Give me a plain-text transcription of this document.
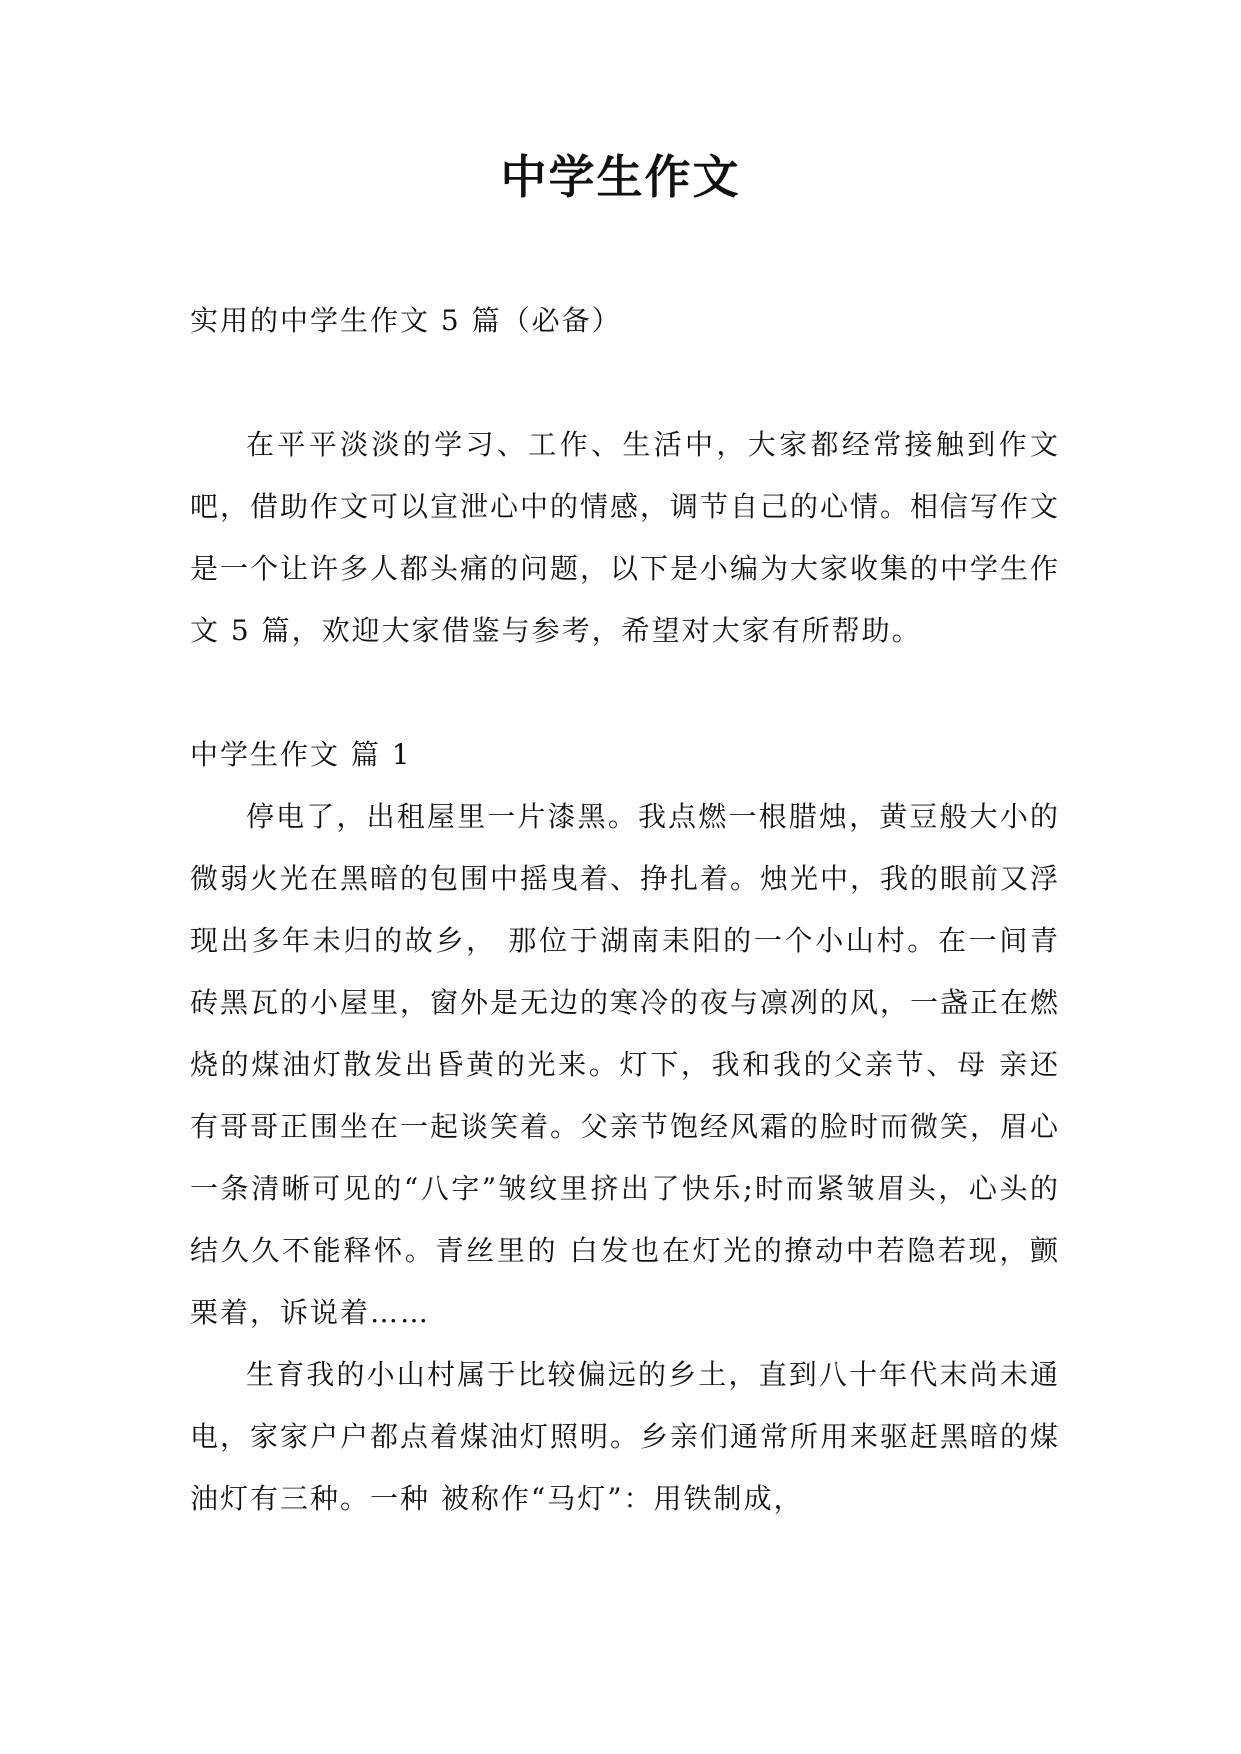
中学生作文

实用的中学生作文 5 篇（必备）

在平平淡淡的学习、工作、生活中，大家都经常接触到作文吧，借助作文可以宣泄心中的情感，调节自己的心情。相信写作文是一个让许多人都头痛的问题，以下是小编为大家收集的中学生作文 5 篇，欢迎大家借鉴与参考，希望对大家有所帮助。

中学生作文 篇 1

停电了，出租屋里一片漆黑。我点燃一根腊烛，黄豆般大小的微弱火光在黑暗的包围中摇曳着、挣扎着。烛光中，我的眼前又浮现出多年未归的故乡， 那位于湖南耒阳的一个小山村。在一间青砖黑瓦的小屋里，窗外是无边的寒冷的夜与凛冽的风，一盏正在燃烧的煤油灯散发出昏黄的光来。灯下，我和我的父亲节、母 亲还有哥哥正围坐在一起谈笑着。父亲节饱经风霜的脸时而微笑，眉心一条清晰可见的“八字”皱纹里挤出了快乐;时而紧皱眉头，心头的结久久不能释怀。青丝里的 白发也在灯光的撩动中若隐若现，颤栗着，诉说着……

生育我的小山村属于比较偏远的乡土，直到八十年代末尚未通电，家家户户都点着煤油灯照明。乡亲们通常所用来驱赶黑暗的煤油灯有三种。一种 被称作“马灯”：用铁制成，
